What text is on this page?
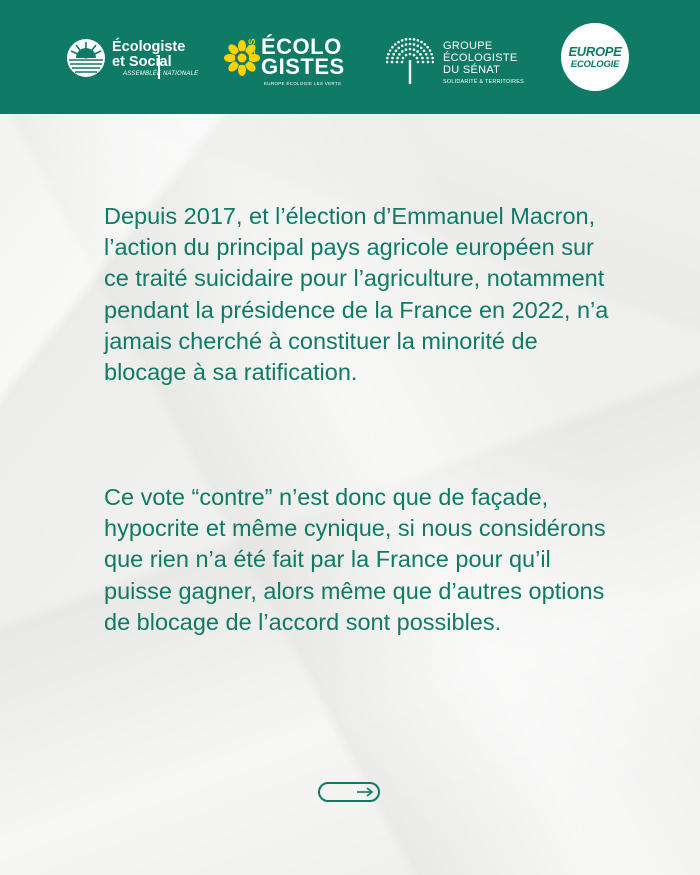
Écologiste
et Social
ASSEMBLÉE NATIONALE
LES ÉCOLO
GISTES
EUROPE ÉCOLOGIE LES VERTS
GROUPE
ÉCOLOGISTE
DU SÉNAT
SOLIDARITÉ & TERRITOIRES
EUROPE
ECOLOGIE

Depuis 2017, et l’élection d’Emmanuel Macron, l’action du principal pays agricole européen sur ce traité suicidaire pour l’agriculture, notamment pendant la présidence de la France en 2022, n’a jamais cherché à constituer la minorité de blocage à sa ratification.

Ce vote “contre” n’est donc que de façade, hypocrite et même cynique, si nous considérons que rien n’a été fait par la France pour qu’il puisse gagner, alors même que d’autres options de blocage de l’accord sont possibles.
